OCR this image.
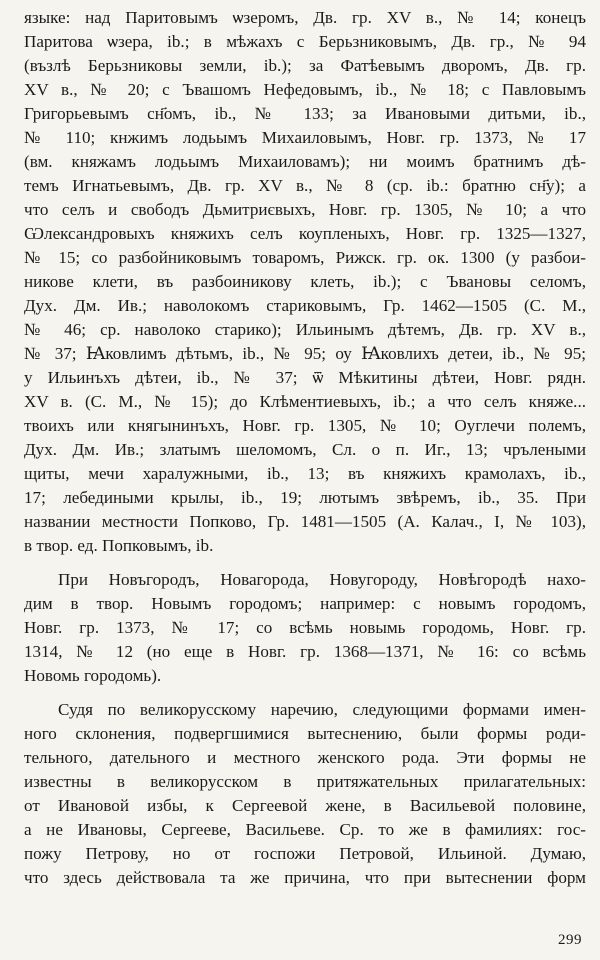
языке: над Паритовымъ ѡзеромъ, Дв. гр. XV в., № 14; конецъ
Паритова ѡзера, ib.; в мѣжахъ с Берьзниковымъ, Дв. гр., № 94
(възлѣ Берьзниковы земли, ib.); за Фатѣевымъ дворомъ, Дв. гр.
XV в., № 20; с Ъвашомъ Нефедовымъ, ib., № 18; с Павловымъ
Григорьевымъ сн҃омъ, ib., № 133; за Ивановыми дитьми, ib.,
№ 110; кнжимъ лодьымъ Михаиловымъ, Новг. гр. 1373, № 17
(вм. княжамъ лодьымъ Михаиловамъ); ни моимъ братнимъ дѣ-
темъ Игнатьевымъ, Дв. гр. XV в., № 8 (ср. ib.: братню сн҃у); а
что селъ и свободъ Дьмитриєвыхъ, Новг. гр. 1305, № 10; а что
Ѡлександровыхъ княжихъ селъ коупленыхъ, Новг. гр. 1325—1327,
№ 15; со разбойниковымъ товаромъ, Рижск. гр. ок. 1300 (у разбои-
никове клети, въ разбоиникову клеть, ib.); с Ъвановы селомъ,
Дух. Дм. Ив.; наволокомъ стариковымъ, Гр. 1462—1505 (С. М.,
№ 46; ср. наволоко старико); Ильинымъ дѣтемъ, Дв. гр. XV в.,
№ 37; Ꙗковлимъ дѣтьмъ, ib., № 95; оу Ꙗковлихъ детеи, ib., № 95;
у Ильинъхъ дѣтеи, ib., № 37; ѿ Мѣкитины дѣтеи, Новг. рядн.
XV в. (С. М., № 15); до Клѣментиевыхъ, ib.; а что селъ княже...
твоихъ или княгынинъхъ, Новг. гр. 1305, № 10; Оуглечи полемъ,
Дух. Дм. Ив.; златымъ шеломомъ, Сл. о п. Иг., 13; чрълеными
щиты, мечи харалужными, ib., 13; въ княжихъ крамолахъ, ib.,
17; лебедиными крылы, ib., 19; лютымъ звѣремъ, ib., 35. При
названии местности Попково, Гр. 1481—1505 (А. Калач., I, № 103),
в твор. ед. Попковымъ, ib.
При Новъгородъ, Новагорода, Новугороду, Новѣгородѣ нахо-
дим в твор. Новымъ городомъ; например: с новымъ городомъ,
Новг. гр. 1373, № 17; со всѣмь новымь городомь, Новг. гр.
1314, № 12 (но еще в Новг. гр. 1368—1371, № 16: со всѣмь
Новомь городомь).
Судя по великорусскому наречию, следующими формами имен-
ного склонения, подвергшимися вытеснению, были формы роди-
тельного, дательного и местного женского рода. Эти формы не
известны в великорусском в притяжательных прилагательных:
от Ивановой избы, к Сергеевой жене, в Васильевой половине,
а не Ивановы, Сергееве, Васильеве. Ср. то же в фамилиях: гос-
пожу Петрову, но от госпожи Петровой, Ильиной. Думаю,
что здесь действовала та же причина, что при вытеснении форм
299
